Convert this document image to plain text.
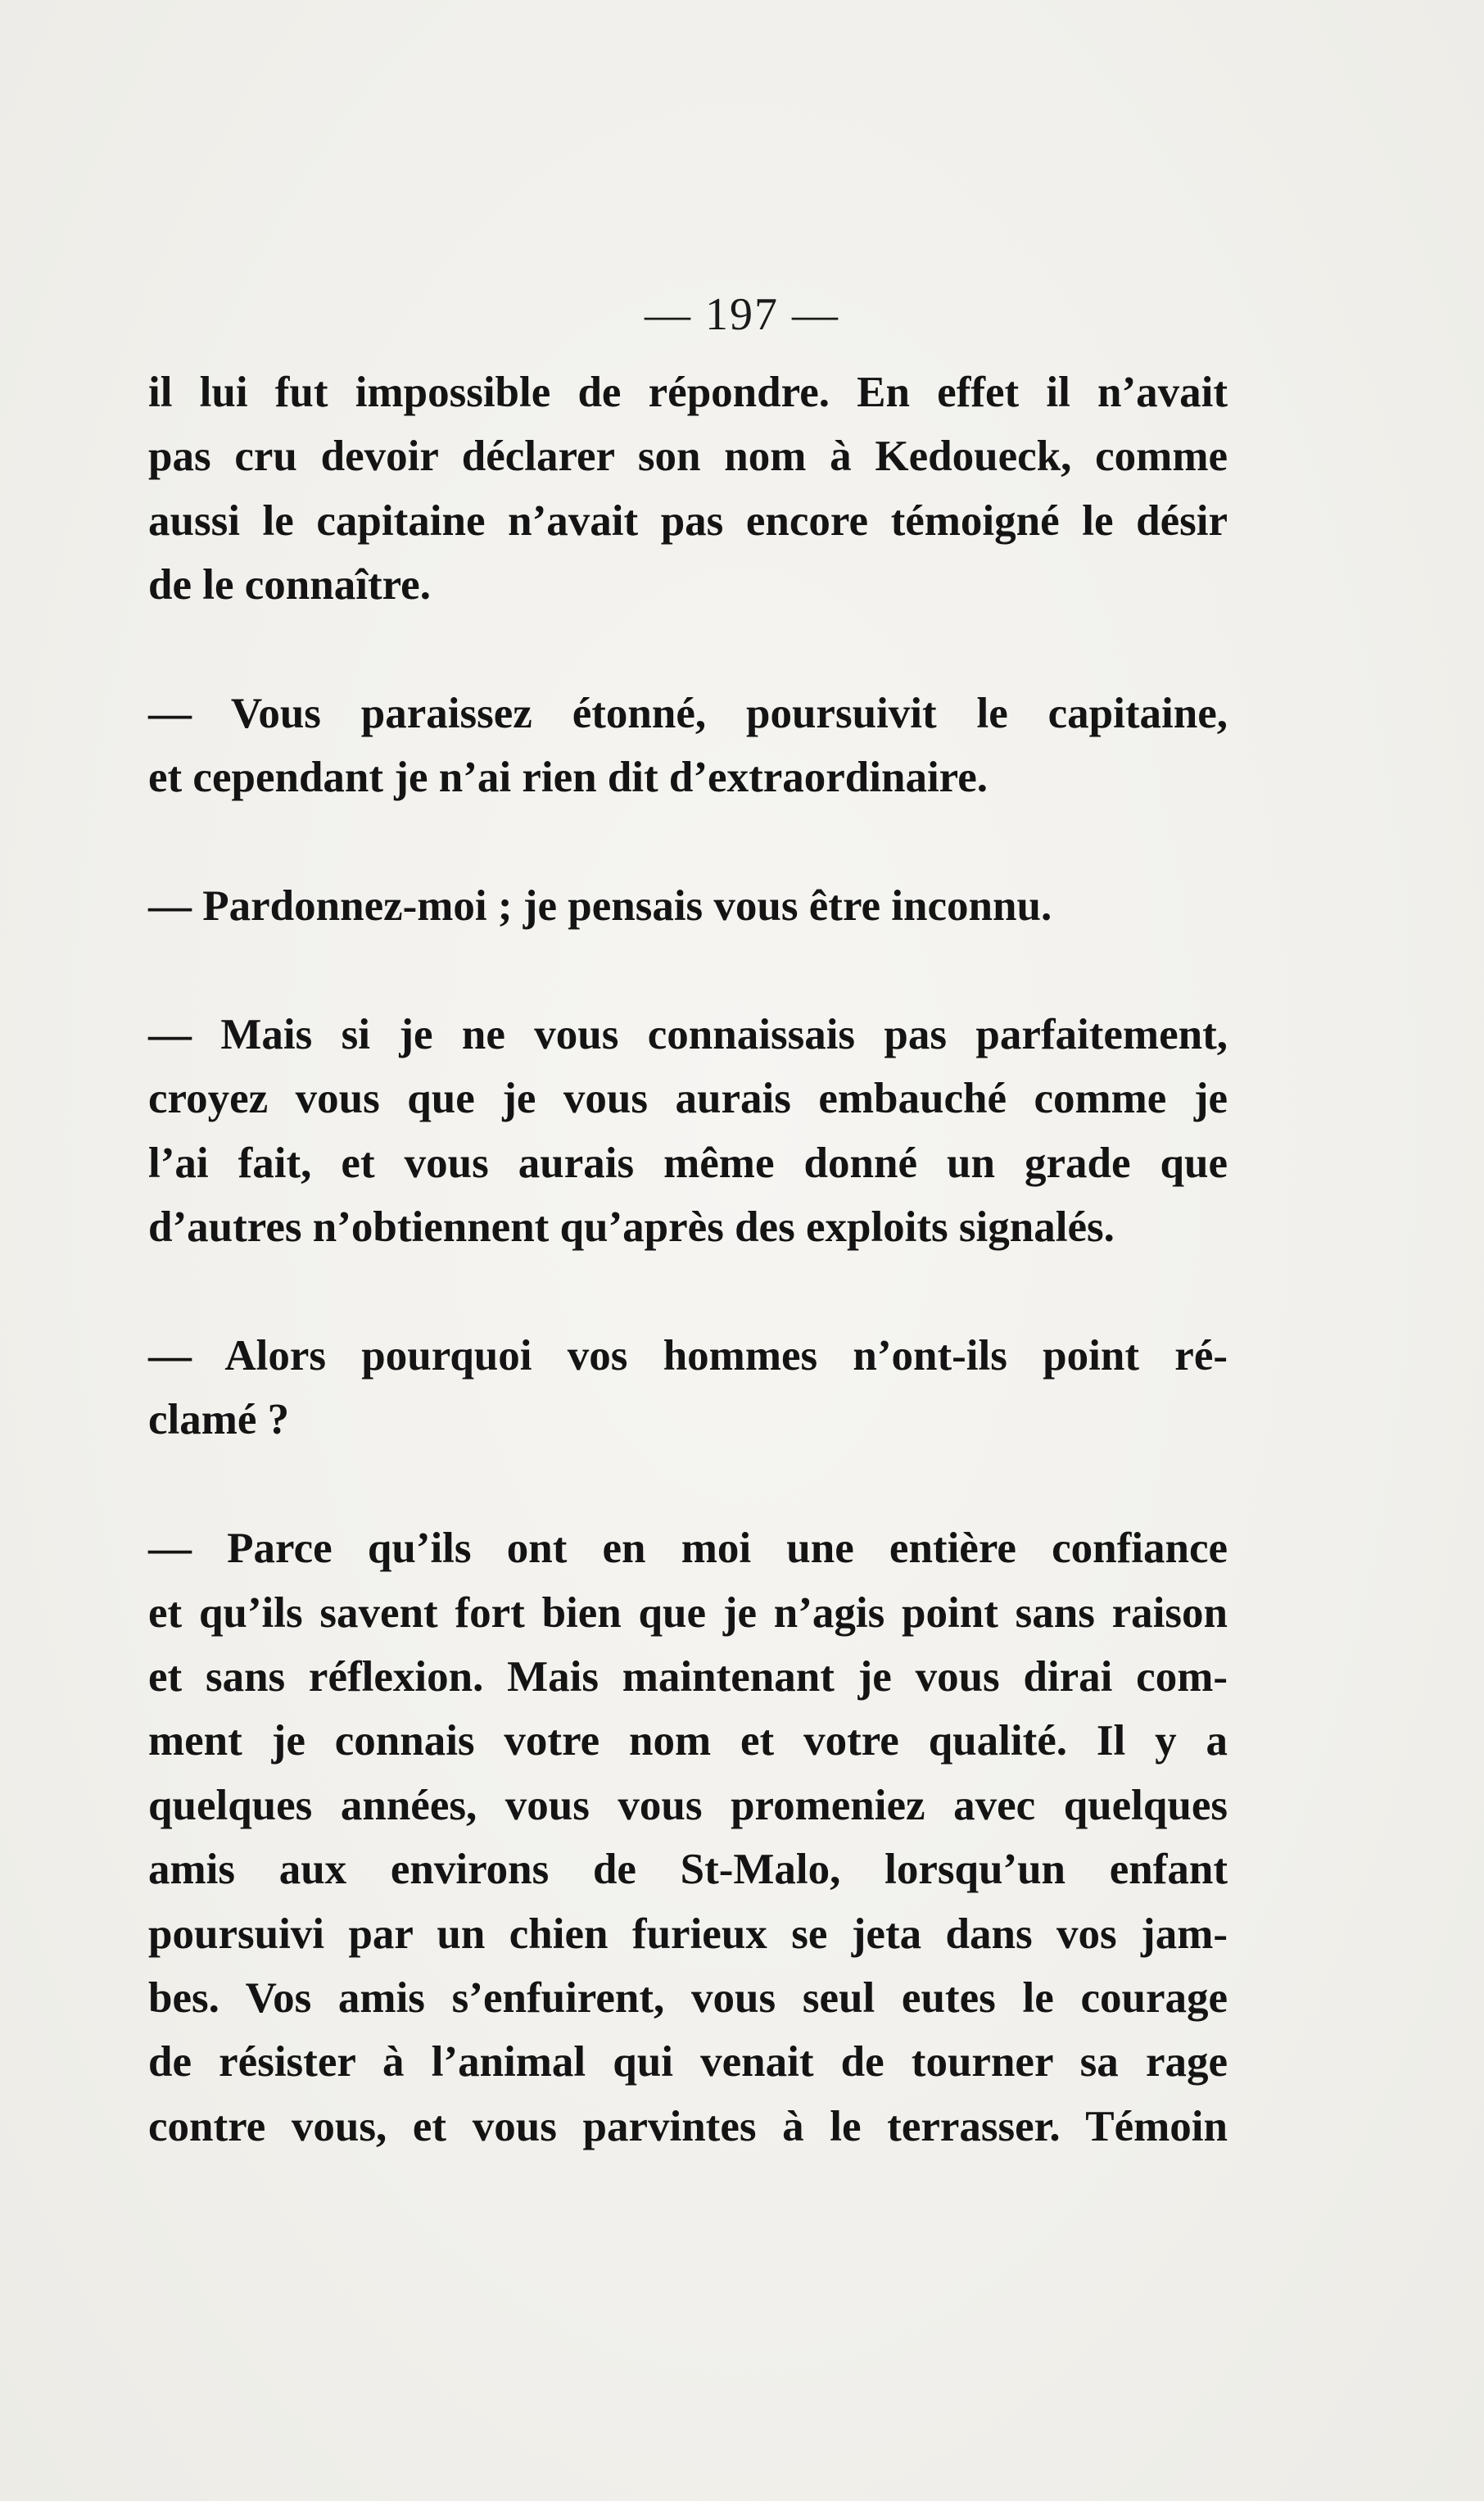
— 197 —

il lui fut impossible de répondre. En effet il n’avait

pas cru devoir déclarer son nom à Kedoueck, comme

aussi le capitaine n’avait pas encore témoigné le désir

de le connaître.

— Vous paraissez étonné, poursuivit le capitaine,

et cependant je n’ai rien dit d’extraordinaire.

— Pardonnez-moi ; je pensais vous être inconnu.

— Mais si je ne vous connaissais pas parfaitement,

croyez vous que je vous aurais embauché comme je

l’ai fait, et vous aurais même donné un grade que

d’autres n’obtiennent qu’après des exploits signalés.

— Alors pourquoi vos hommes n’ont-ils point ré-

clamé ?

— Parce qu’ils ont en moi une entière confiance

et qu’ils savent fort bien que je n’agis point sans raison

et sans réflexion. Mais maintenant je vous dirai com-

ment je connais votre nom et votre qualité. Il y a

quelques années, vous vous promeniez avec quelques

amis aux environs de St-Malo, lorsqu’un enfant

poursuivi par un chien furieux se jeta dans vos jam-

bes. Vos amis s’enfuirent, vous seul eutes le courage

de résister à l’animal qui venait de tourner sa rage

contre vous, et vous parvintes à le terrasser. Témoin
